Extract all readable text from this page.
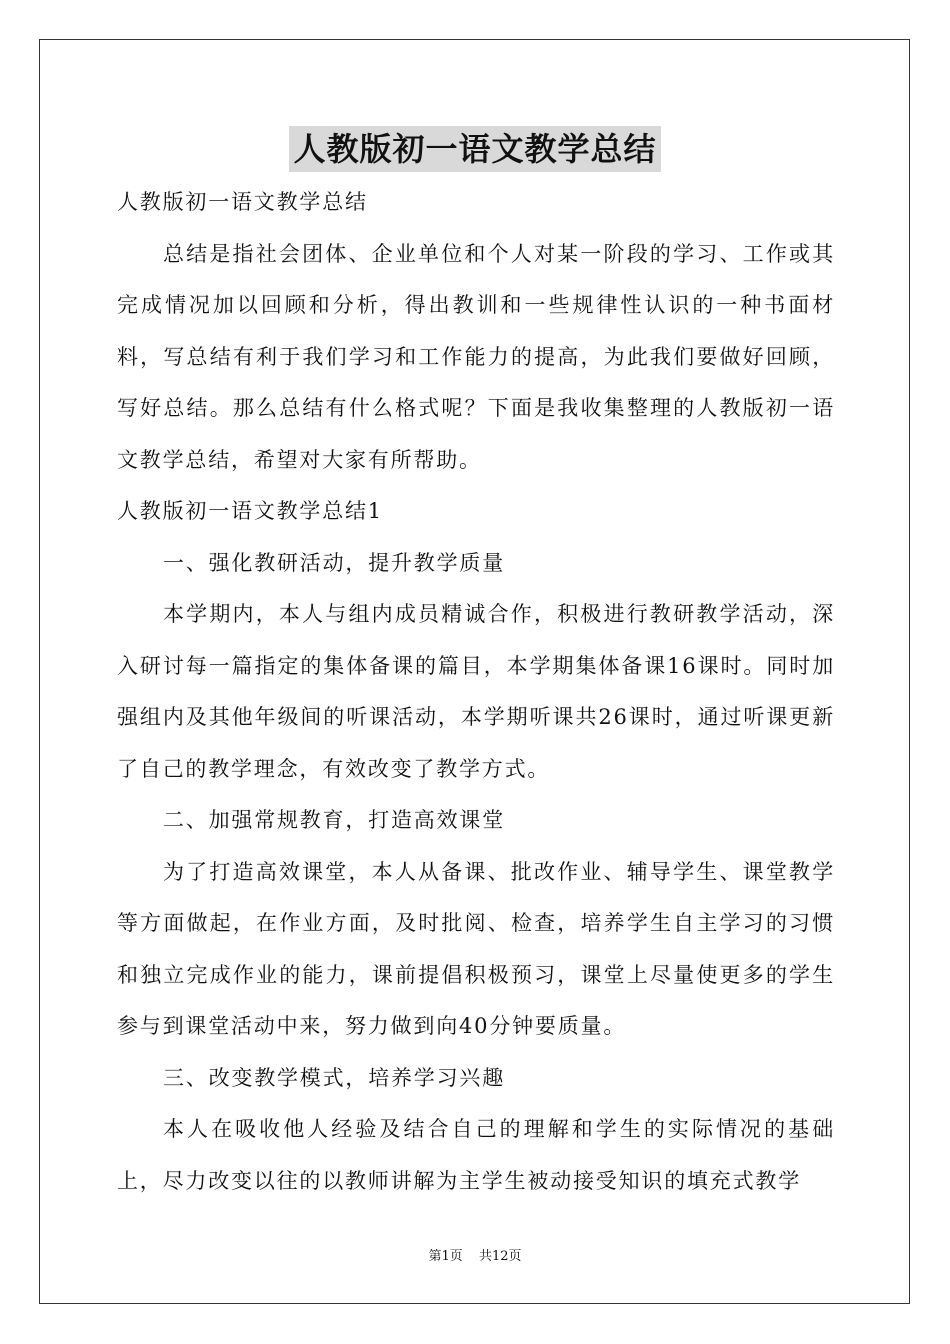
人教版初一语文教学总结

人教版初一语文教学总结

总结是指社会团体、企业单位和个人对某一阶段的学习、工作或其完成情况加以回顾和分析，得出教训和一些规律性认识的一种书面材料，写总结有利于我们学习和工作能力的提高，为此我们要做好回顾，写好总结。那么总结有什么格式呢？下面是我收集整理的人教版初一语文教学总结，希望对大家有所帮助。

人教版初一语文教学总结1

一、强化教研活动，提升教学质量

本学期内，本人与组内成员精诚合作，积极进行教研教学活动，深入研讨每一篇指定的集体备课的篇目，本学期集体备课16课时。同时加强组内及其他年级间的听课活动，本学期听课共26课时，通过听课更新了自己的教学理念，有效改变了教学方式。

二、加强常规教育，打造高效课堂

为了打造高效课堂，本人从备课、批改作业、辅导学生、课堂教学等方面做起，在作业方面，及时批阅、检查，培养学生自主学习的习惯和独立完成作业的能力，课前提倡积极预习，课堂上尽量使更多的学生参与到课堂活动中来，努力做到向40分钟要质量。

三、改变教学模式，培养学习兴趣

本人在吸收他人经验及结合自己的理解和学生的实际情况的基础上，尽力改变以往的以教师讲解为主学生被动接受知识的填充式教学

第1页 共12页
